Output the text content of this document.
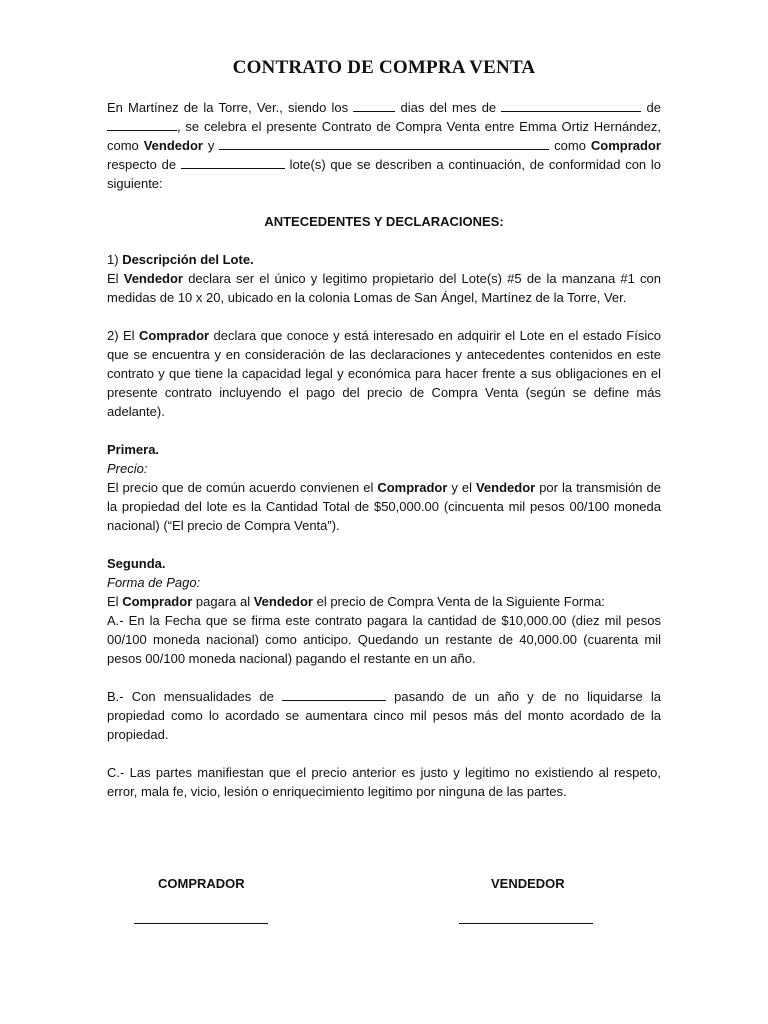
CONTRATO DE COMPRA VENTA

En Martínez de la Torre, Ver., siendo los	dias del mes de	de , se celebra el presente Contrato de Compra Venta entre Emma Ortiz Hernández, como Vendedor y	como Comprador respecto de	lote(s) que se describen a continuación, de conformidad con lo siguiente:

ANTECEDENTES Y DECLARACIONES:

1) Descripción del Lote.

El Vendedor declara ser el único y legitimo propietario del Lote(s) #5 de la manzana #1 con medidas de 10 x 20, ubicado en la colonia Lomas de San Ángel, Martínez de la Torre, Ver.

2) El Comprador declara que conoce y está interesado en adquirir el Lote en el estado Físico que se encuentra y en consideración de las declaraciones y antecedentes contenidos en este contrato y que tiene la capacidad legal y económica para hacer frente a sus obligaciones en el presente contrato incluyendo el pago del precio de Compra Venta (según se define más adelante).

Primera.

Precio:

El precio que de común acuerdo convienen el Comprador y el Vendedor por la transmisión de la propiedad del lote es la Cantidad Total de $50,000.00 (cincuenta mil pesos 00/100 moneda nacional) (“El precio de Compra Venta”).

Segunda.

Forma de Pago:

El Comprador pagara al Vendedor el precio de Compra Venta de la Siguiente Forma:

A.- En la Fecha que se firma este contrato pagara la cantidad de $10,000.00 (diez mil pesos 00/100 moneda nacional) como anticipo. Quedando un restante de 40,000.00 (cuarenta mil pesos 00/100 moneda nacional) pagando el restante en un año.

B.- Con mensualidades de	pasando de un año y de no liquidarse la propiedad como lo acordado se aumentara cinco mil pesos más del monto acordado de la propiedad.

C.- Las partes manifiestan que el precio anterior es justo y legitimo no existiendo al respeto, error, mala fe, vicio, lesión o enriquecimiento legitimo por ninguna de las partes.

COMPRADOR	VENDEDOR
